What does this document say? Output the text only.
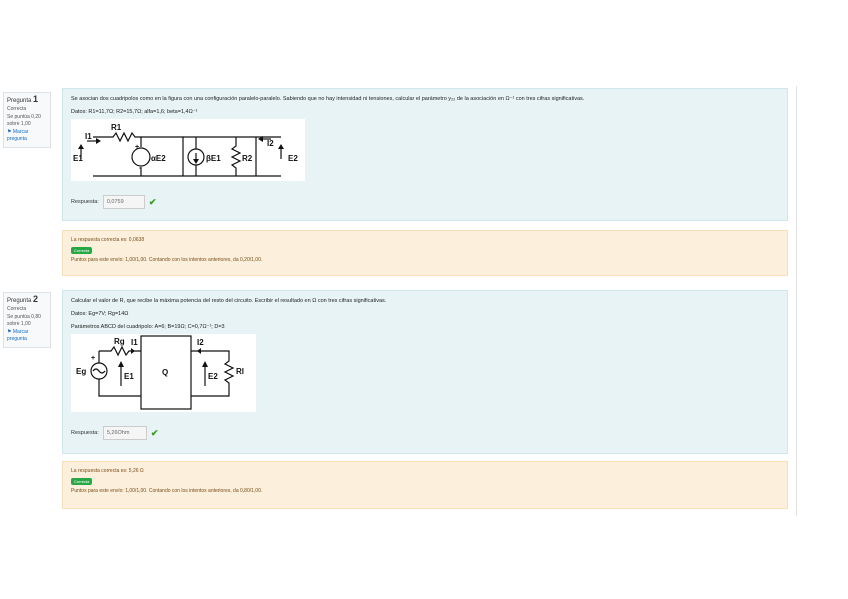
Pregunta 1
Correcta
Se puntúa 0,20 sobre 1,00
⚑ Marcar pregunta

Se asocian dos cuadripolos como en la figura con una configuración paralelo-paralelo. Sabiendo que no hay intensidad ni tensiones, calcular el parámetro y₂₂ de la asociación en Ω⁻¹ con tres cifras significativas.

Datos: R1=11,7Ω; R2=15,7Ω; alfa=1,6; beta=1,4Ω⁻¹

I1
R1
E1	αE2	βE1	R2
I2
E2
+
-
Respuesta:
0,0759	✔
La respuesta correcta es: 0,0638
Correcta
Puntos para este envío: 1,00/1,00. Contando con los intentos anteriores, da 0,20/1,00.
Pregunta 2
Correcta
Se puntúa 0,80 sobre 1,00
⚑ Marcar pregunta

Calcular el valor de R, que recibe la máxima potencia del resto del circuito. Escribir el resultado en Ω con tres cifras significativas.

Datos: Eg=7V; Rg=14Ω

Parámetros ABCD del cuadripolo: A=6; B=19Ω; C=0,7Ω⁻¹; D=3

Rg I1
Eg
E1	Q
I2
E2
Rl
+
Respuesta:
5,26Ohm	✔
La respuesta correcta es: 5,26 Ω
Correcta
Puntos para este envío: 1,00/1,00. Contando con los intentos anteriores, da 0,80/1,00.
